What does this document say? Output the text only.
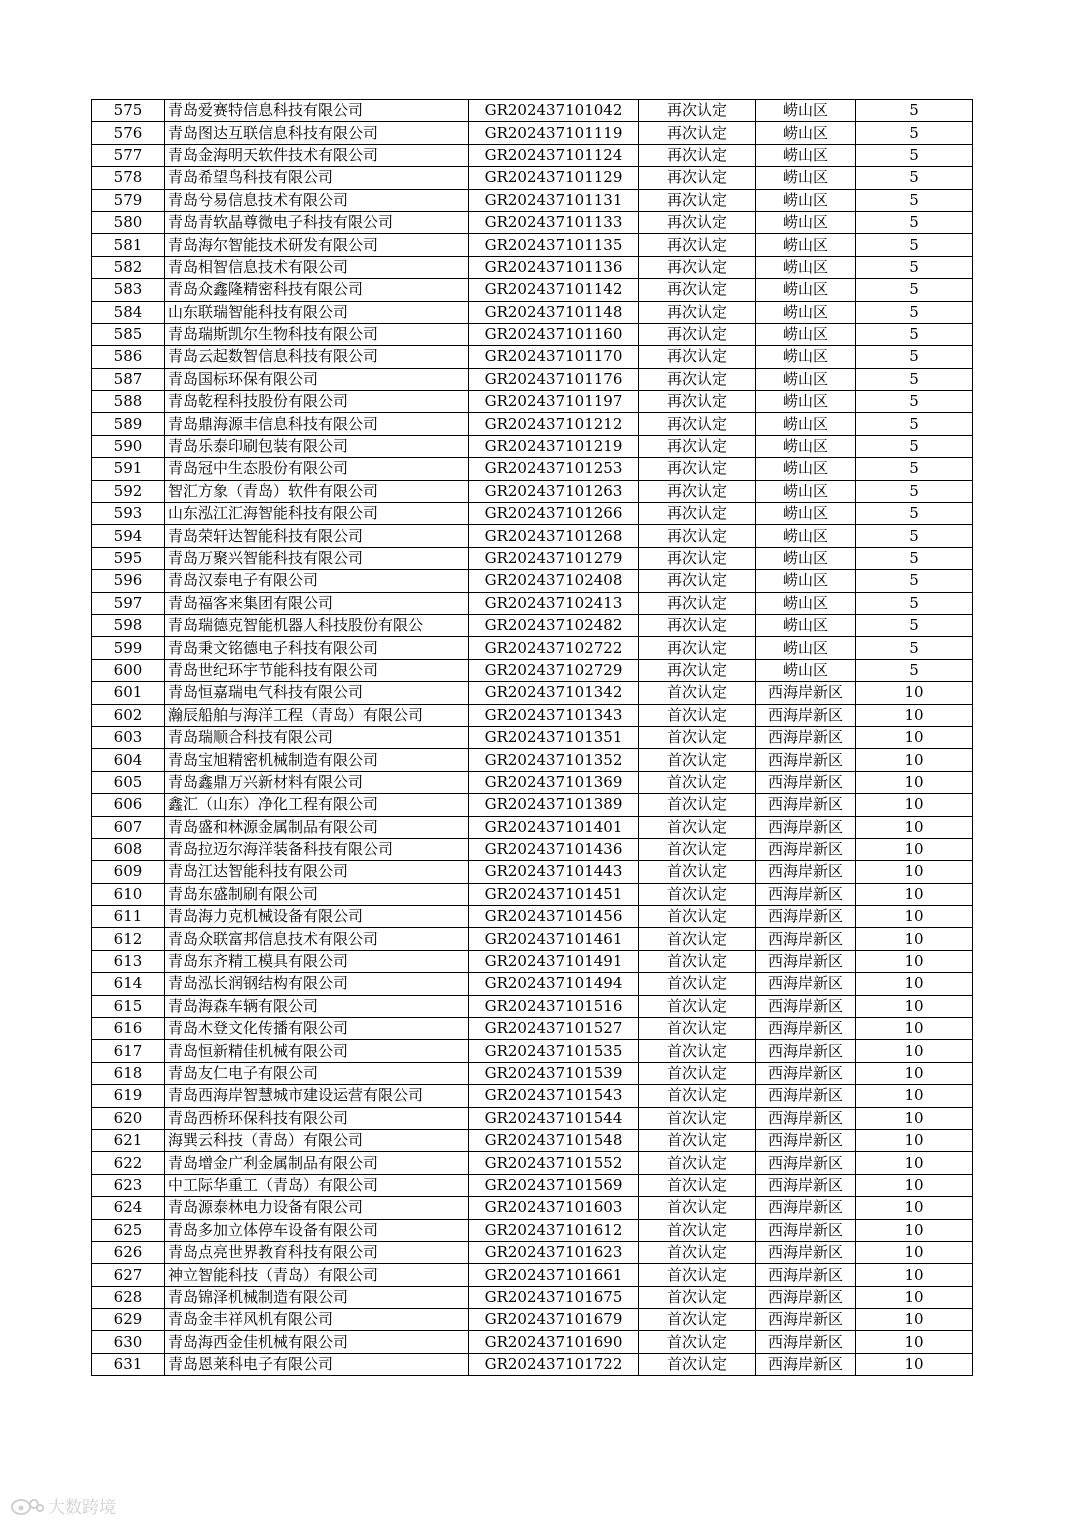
575	青岛爱赛特信息科技有限公司	GR202437101042	再次认定	崂山区	5
576	青岛图达互联信息科技有限公司	GR202437101119	再次认定	崂山区	5
577	青岛金海明天软件技术有限公司	GR202437101124	再次认定	崂山区	5
578	青岛希望鸟科技有限公司	GR202437101129	再次认定	崂山区	5
579	青岛兮易信息技术有限公司	GR202437101131	再次认定	崂山区	5
580	青岛青软晶尊微电子科技有限公司	GR202437101133	再次认定	崂山区	5
581	青岛海尔智能技术研发有限公司	GR202437101135	再次认定	崂山区	5
582	青岛相智信息技术有限公司	GR202437101136	再次认定	崂山区	5
583	青岛众鑫隆精密科技有限公司	GR202437101142	再次认定	崂山区	5
584	山东联瑞智能科技有限公司	GR202437101148	再次认定	崂山区	5
585	青岛瑞斯凯尔生物科技有限公司	GR202437101160	再次认定	崂山区	5
586	青岛云起数智信息科技有限公司	GR202437101170	再次认定	崂山区	5
587	青岛国标环保有限公司	GR202437101176	再次认定	崂山区	5
588	青岛乾程科技股份有限公司	GR202437101197	再次认定	崂山区	5
589	青岛鼎海源丰信息科技有限公司	GR202437101212	再次认定	崂山区	5
590	青岛乐泰印刷包装有限公司	GR202437101219	再次认定	崂山区	5
591	青岛冠中生态股份有限公司	GR202437101253	再次认定	崂山区	5
592	智汇方象（青岛）软件有限公司	GR202437101263	再次认定	崂山区	5
593	山东泓江汇海智能科技有限公司	GR202437101266	再次认定	崂山区	5
594	青岛荣轩达智能科技有限公司	GR202437101268	再次认定	崂山区	5
595	青岛万聚兴智能科技有限公司	GR202437101279	再次认定	崂山区	5
596	青岛汉泰电子有限公司	GR202437102408	再次认定	崂山区	5
597	青岛福客来集团有限公司	GR202437102413	再次认定	崂山区	5
598	青岛瑞德克智能机器人科技股份有限公	GR202437102482	再次认定	崂山区	5
599	青岛秉文铭德电子科技有限公司	GR202437102722	再次认定	崂山区	5
600	青岛世纪环宇节能科技有限公司	GR202437102729	再次认定	崂山区	5
601	青岛恒嘉瑞电气科技有限公司	GR202437101342	首次认定	西海岸新区	10
602	瀚辰船舶与海洋工程（青岛）有限公司	GR202437101343	首次认定	西海岸新区	10
603	青岛瑞顺合科技有限公司	GR202437101351	首次认定	西海岸新区	10
604	青岛宝旭精密机械制造有限公司	GR202437101352	首次认定	西海岸新区	10
605	青岛鑫鼎万兴新材料有限公司	GR202437101369	首次认定	西海岸新区	10
606	鑫汇（山东）净化工程有限公司	GR202437101389	首次认定	西海岸新区	10
607	青岛盛和林源金属制品有限公司	GR202437101401	首次认定	西海岸新区	10
608	青岛拉迈尔海洋装备科技有限公司	GR202437101436	首次认定	西海岸新区	10
609	青岛江达智能科技有限公司	GR202437101443	首次认定	西海岸新区	10
610	青岛东盛制刷有限公司	GR202437101451	首次认定	西海岸新区	10
611	青岛海力克机械设备有限公司	GR202437101456	首次认定	西海岸新区	10
612	青岛众联富邦信息技术有限公司	GR202437101461	首次认定	西海岸新区	10
613	青岛东齐精工模具有限公司	GR202437101491	首次认定	西海岸新区	10
614	青岛泓长润钢结构有限公司	GR202437101494	首次认定	西海岸新区	10
615	青岛海森车辆有限公司	GR202437101516	首次认定	西海岸新区	10
616	青岛木登文化传播有限公司	GR202437101527	首次认定	西海岸新区	10
617	青岛恒新精佳机械有限公司	GR202437101535	首次认定	西海岸新区	10
618	青岛友仁电子有限公司	GR202437101539	首次认定	西海岸新区	10
619	青岛西海岸智慧城市建设运营有限公司	GR202437101543	首次认定	西海岸新区	10
620	青岛西桥环保科技有限公司	GR202437101544	首次认定	西海岸新区	10
621	海巽云科技（青岛）有限公司	GR202437101548	首次认定	西海岸新区	10
622	青岛增金广利金属制品有限公司	GR202437101552	首次认定	西海岸新区	10
623	中工际华重工（青岛）有限公司	GR202437101569	首次认定	西海岸新区	10
624	青岛源泰林电力设备有限公司	GR202437101603	首次认定	西海岸新区	10
625	青岛多加立体停车设备有限公司	GR202437101612	首次认定	西海岸新区	10
626	青岛点亮世界教育科技有限公司	GR202437101623	首次认定	西海岸新区	10
627	神立智能科技（青岛）有限公司	GR202437101661	首次认定	西海岸新区	10
628	青岛锦泽机械制造有限公司	GR202437101675	首次认定	西海岸新区	10
629	青岛金丰祥风机有限公司	GR202437101679	首次认定	西海岸新区	10
630	青岛海西金佳机械有限公司	GR202437101690	首次认定	西海岸新区	10
631	青岛恩莱科电子有限公司	GR202437101722	首次认定	西海岸新区	10
大数跨境
